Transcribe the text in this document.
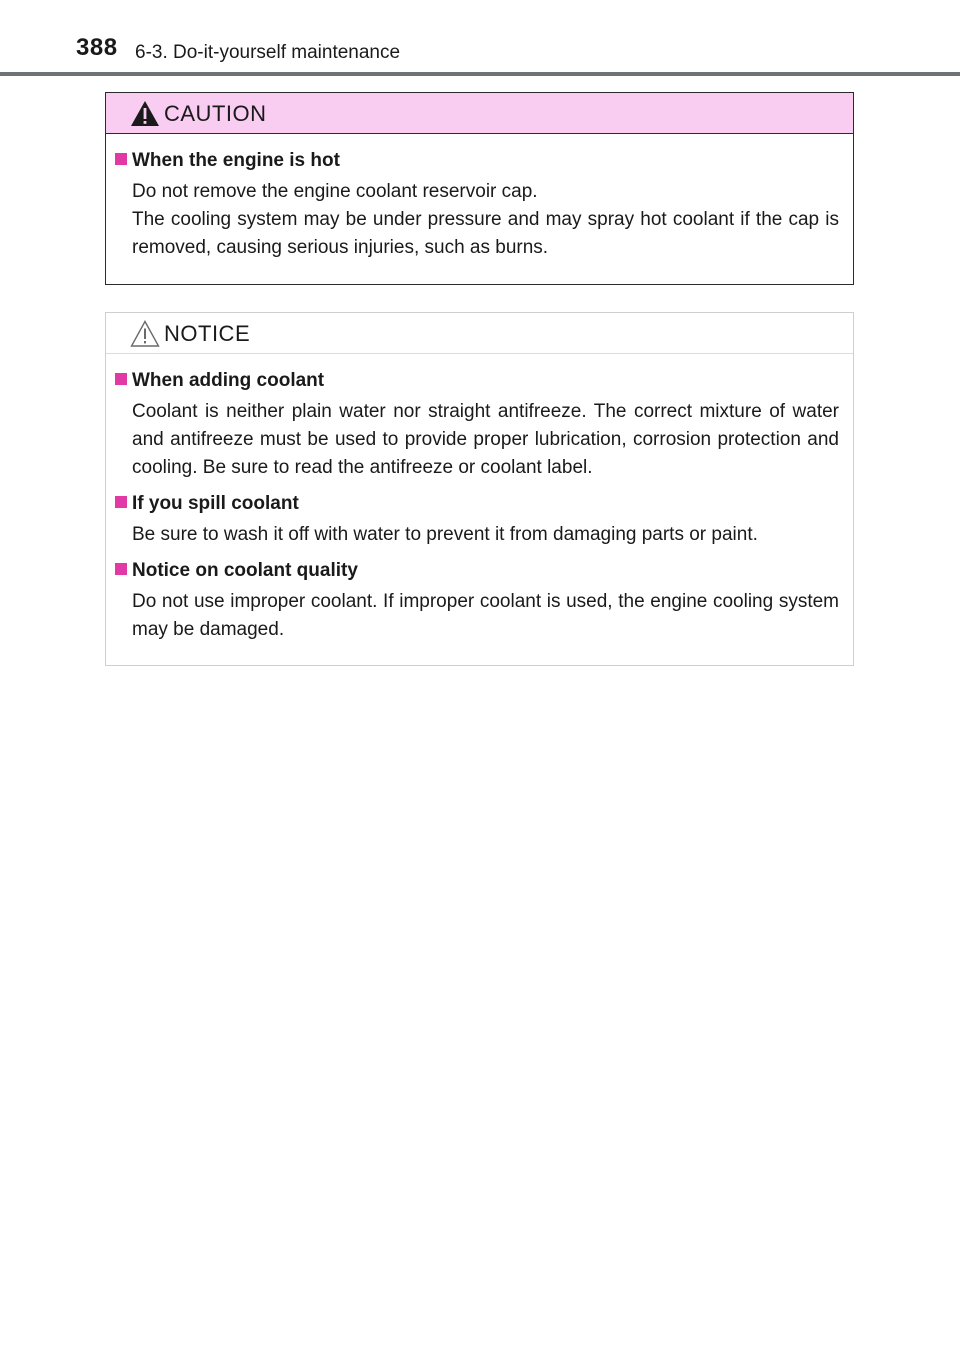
388 6-3. Do-it-yourself maintenance
CAUTION
When the engine is hot
Do not remove the engine coolant reservoir cap.
The cooling system may be under pressure and may spray hot coolant if the cap is removed, causing serious injuries, such as burns.
NOTICE
When adding coolant
Coolant is neither plain water nor straight antifreeze. The correct mixture of water and antifreeze must be used to provide proper lubrication, corrosion protection and cooling. Be sure to read the antifreeze or coolant label.
If you spill coolant
Be sure to wash it off with water to prevent it from damaging parts or paint.
Notice on coolant quality
Do not use improper coolant. If improper coolant is used, the engine cooling system may be damaged.
